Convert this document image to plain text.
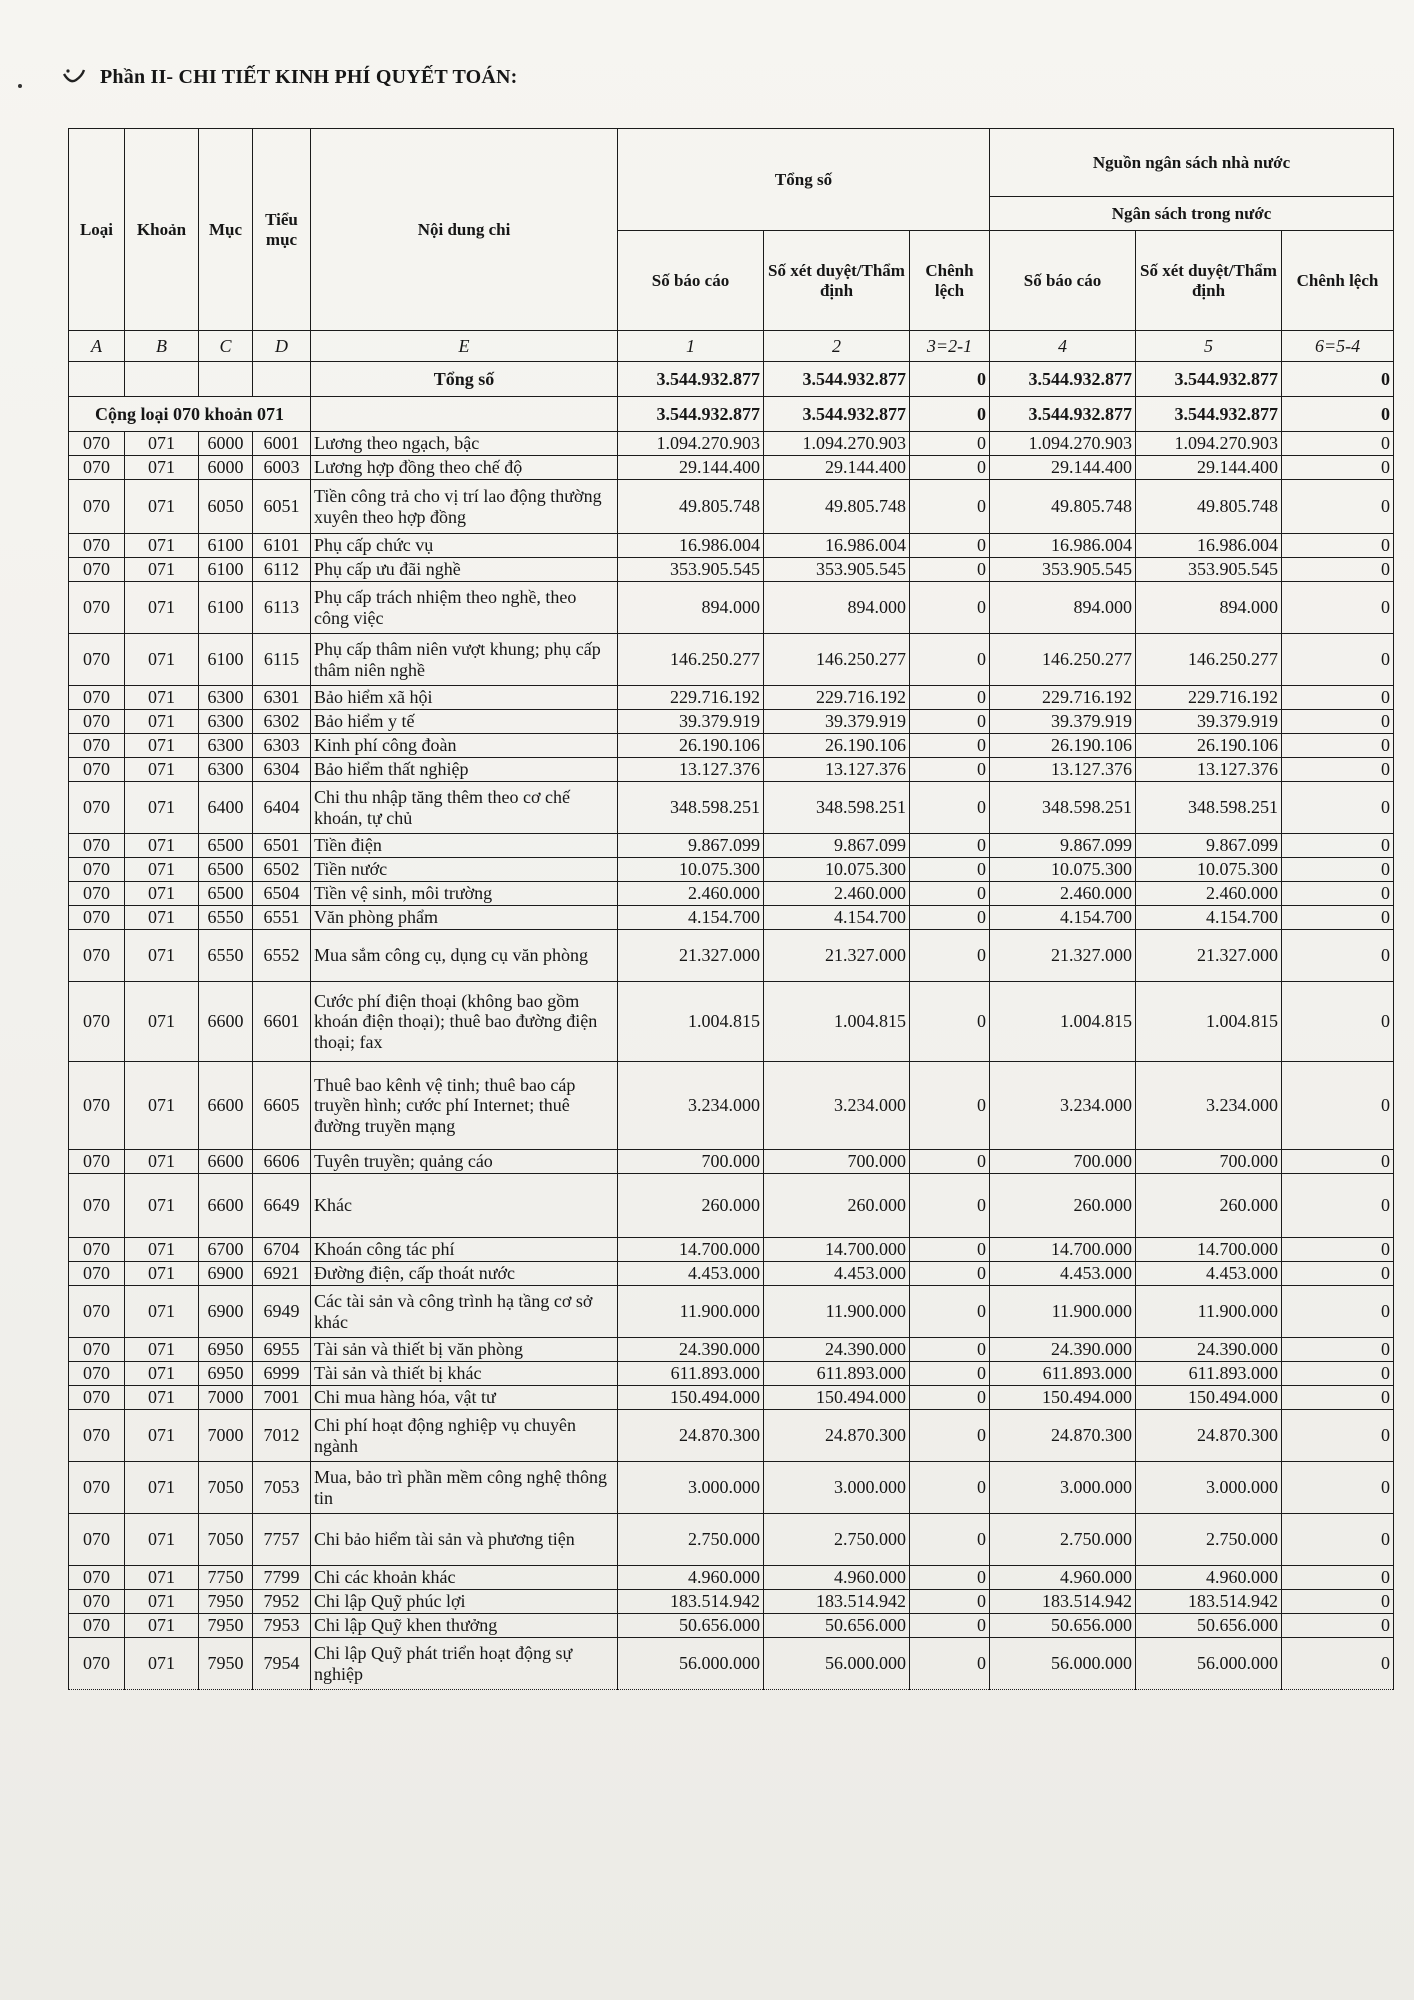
Phần II- CHI TIẾT KINH PHÍ QUYẾT TOÁN:
Loại	Khoản	Mục	Tiểu mục	Nội dung chi	Tổng số			Nguồn ngân sách nhà nước		
								Ngân sách trong nước		
					Số báo cáo	Số xét duyệt/Thẩm định	Chênh lệch	Số báo cáo	Số xét duyệt/Thẩm định	Chênh lệch
A	B	C	D	E	1	2	3=2-1	4	5	6=5-4
				Tổng số	3.544.932.877	3.544.932.877	0	3.544.932.877	3.544.932.877	0
Cộng loại 070 khoản 071					3.544.932.877	3.544.932.877	0	3.544.932.877	3.544.932.877	0
070	071	6000	6001	Lương theo ngạch, bậc	1.094.270.903	1.094.270.903	0	1.094.270.903	1.094.270.903	0
070	071	6000	6003	Lương hợp đồng theo chế độ	29.144.400	29.144.400	0	29.144.400	29.144.400	0
070	071	6050	6051	Tiền công trả cho vị trí lao động thường xuyên theo hợp đồng	49.805.748	49.805.748	0	49.805.748	49.805.748	0
070	071	6100	6101	Phụ cấp chức vụ	16.986.004	16.986.004	0	16.986.004	16.986.004	0
070	071	6100	6112	Phụ cấp ưu đãi nghề	353.905.545	353.905.545	0	353.905.545	353.905.545	0
070	071	6100	6113	Phụ cấp trách nhiệm theo nghề, theo công việc	894.000	894.000	0	894.000	894.000	0
070	071	6100	6115	Phụ cấp thâm niên vượt khung; phụ cấp thâm niên nghề	146.250.277	146.250.277	0	146.250.277	146.250.277	0
070	071	6300	6301	Bảo hiểm xã hội	229.716.192	229.716.192	0	229.716.192	229.716.192	0
070	071	6300	6302	Bảo hiểm y tế	39.379.919	39.379.919	0	39.379.919	39.379.919	0
070	071	6300	6303	Kinh phí công đoàn	26.190.106	26.190.106	0	26.190.106	26.190.106	0
070	071	6300	6304	Bảo hiểm thất nghiệp	13.127.376	13.127.376	0	13.127.376	13.127.376	0
070	071	6400	6404	Chi thu nhập tăng thêm theo cơ chế khoán, tự chủ	348.598.251	348.598.251	0	348.598.251	348.598.251	0
070	071	6500	6501	Tiền điện	9.867.099	9.867.099	0	9.867.099	9.867.099	0
070	071	6500	6502	Tiền nước	10.075.300	10.075.300	0	10.075.300	10.075.300	0
070	071	6500	6504	Tiền vệ sinh, môi trường	2.460.000	2.460.000	0	2.460.000	2.460.000	0
070	071	6550	6551	Văn phòng phẩm	4.154.700	4.154.700	0	4.154.700	4.154.700	0
070	071	6550	6552	Mua sắm công cụ, dụng cụ văn phòng	21.327.000	21.327.000	0	21.327.000	21.327.000	0
070	071	6600	6601	Cước phí điện thoại (không bao gồm khoán điện thoại); thuê bao đường điện thoại; fax	1.004.815	1.004.815	0	1.004.815	1.004.815	0
070	071	6600	6605	Thuê bao kênh vệ tinh; thuê bao cáp truyền hình; cước phí Internet; thuê đường truyền mạng	3.234.000	3.234.000	0	3.234.000	3.234.000	0
070	071	6600	6606	Tuyên truyền; quảng cáo	700.000	700.000	0	700.000	700.000	0
070	071	6600	6649	Khác	260.000	260.000	0	260.000	260.000	0
070	071	6700	6704	Khoán công tác phí	14.700.000	14.700.000	0	14.700.000	14.700.000	0
070	071	6900	6921	Đường điện, cấp thoát nước	4.453.000	4.453.000	0	4.453.000	4.453.000	0
070	071	6900	6949	Các tài sản và công trình hạ tầng cơ sở khác	11.900.000	11.900.000	0	11.900.000	11.900.000	0
070	071	6950	6955	Tài sản và thiết bị văn phòng	24.390.000	24.390.000	0	24.390.000	24.390.000	0
070	071	6950	6999	Tài sản và thiết bị khác	611.893.000	611.893.000	0	611.893.000	611.893.000	0
070	071	7000	7001	Chi mua hàng hóa, vật tư	150.494.000	150.494.000	0	150.494.000	150.494.000	0
070	071	7000	7012	Chi phí hoạt động nghiệp vụ chuyên ngành	24.870.300	24.870.300	0	24.870.300	24.870.300	0
070	071	7050	7053	Mua, bảo trì phần mềm công nghệ thông tin	3.000.000	3.000.000	0	3.000.000	3.000.000	0
070	071	7050	7757	Chi bảo hiểm tài sản và phương tiện	2.750.000	2.750.000	0	2.750.000	2.750.000	0
070	071	7750	7799	Chi các khoản khác	4.960.000	4.960.000	0	4.960.000	4.960.000	0
070	071	7950	7952	Chi lập Quỹ phúc lợi	183.514.942	183.514.942	0	183.514.942	183.514.942	0
070	071	7950	7953	Chi lập Quỹ khen thưởng	50.656.000	50.656.000	0	50.656.000	50.656.000	0
070	071	7950	7954	Chi lập Quỹ phát triển hoạt động sự nghiệp	56.000.000	56.000.000	0	56.000.000	56.000.000	0
